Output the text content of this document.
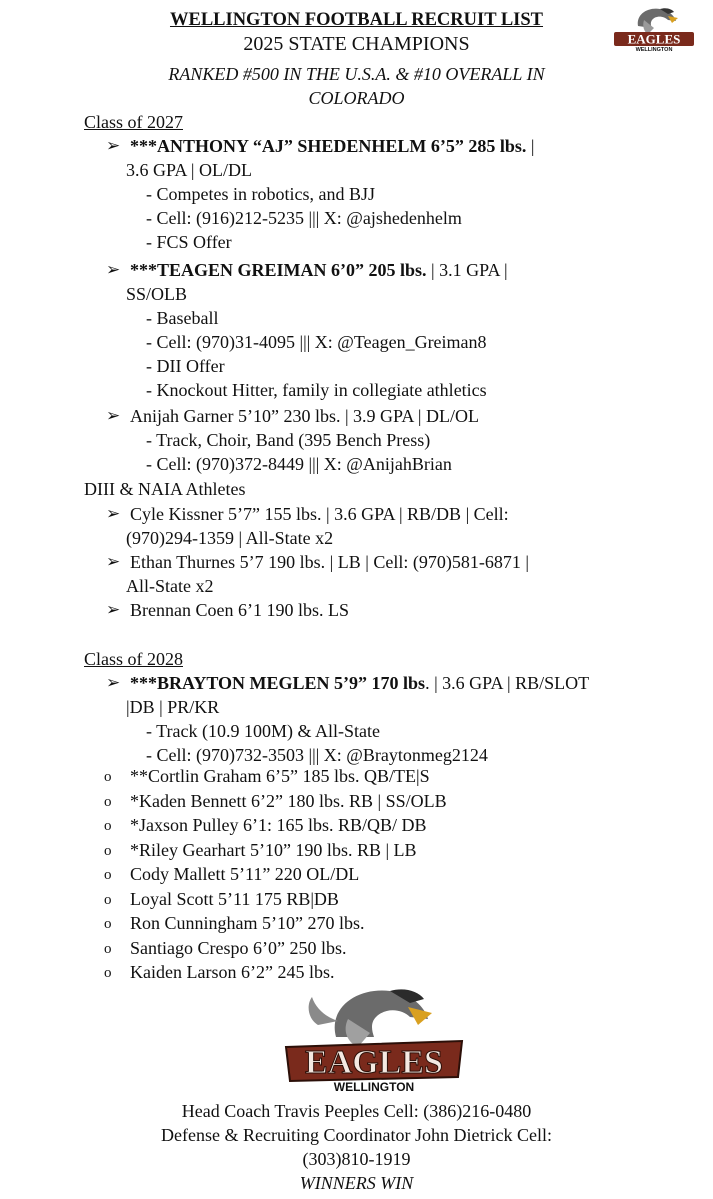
WELLINGTON FOOTBALL RECRUIT LIST
2025 STATE CHAMPIONS
RANKED #500 IN THE U.S.A. & #10 OVERALL IN
COLORADO
EAGLES
WELLINGTON
Class of 2027
➢ ***ANTHONY “AJ” SHEDENHELM 6’5” 285 lbs. |
3.6 GPA | OL/DL
- Competes in robotics, and BJJ
- Cell: (916)212-5235 ||| X: @ajshedenhelm
- FCS Offer
➢ ***TEAGEN GREIMAN 6’0” 205 lbs. | 3.1 GPA |
SS/OLB
- Baseball
- Cell: (970)31-4095 ||| X: @Teagen_Greiman8
- DII Offer
- Knockout Hitter, family in collegiate athletics
➢ Anijah Garner 5’10” 230 lbs. | 3.9 GPA | DL/OL
- Track, Choir, Band (395 Bench Press)
- Cell: (970)372-8449 ||| X: @AnijahBrian
DIII & NAIA Athletes
➢ Cyle Kissner 5’7” 155 lbs. | 3.6 GPA | RB/DB | Cell:
(970)294-1359 | All-State x2
➢ Ethan Thurnes 5’7 190 lbs. | LB | Cell: (970)581-6871 |
All-State x2
➢ Brennan Coen 6’1 190 lbs. LS
Class of 2028
➢ ***BRAYTON MEGLEN 5’9” 170 lbs. | 3.6 GPA | RB/SLOT
|DB | PR/KR
- Track (10.9 100M) & All-State
- Cell: (970)732-3503 ||| X: @Braytonmeg2124
o **Cortlin Graham 6’5” 185 lbs. QB/TE|S
o *Kaden Bennett 6’2” 180 lbs. RB | SS/OLB
o *Jaxson Pulley 6’1: 165 lbs. RB/QB/ DB
o *Riley Gearhart 5’10” 190 lbs. RB | LB
o Cody Mallett 5’11” 220 OL/DL
o Loyal Scott 5’11 175 RB|DB
o Ron Cunningham 5’10” 270 lbs.
o Santiago Crespo 6’0” 250 lbs.
o Kaiden Larson 6’2” 245 lbs.
EAGLES
WELLINGTON
Head Coach Travis Peeples Cell: (386)216-0480
Defense & Recruiting Coordinator John Dietrick Cell:
(303)810-1919
WINNERS WIN
